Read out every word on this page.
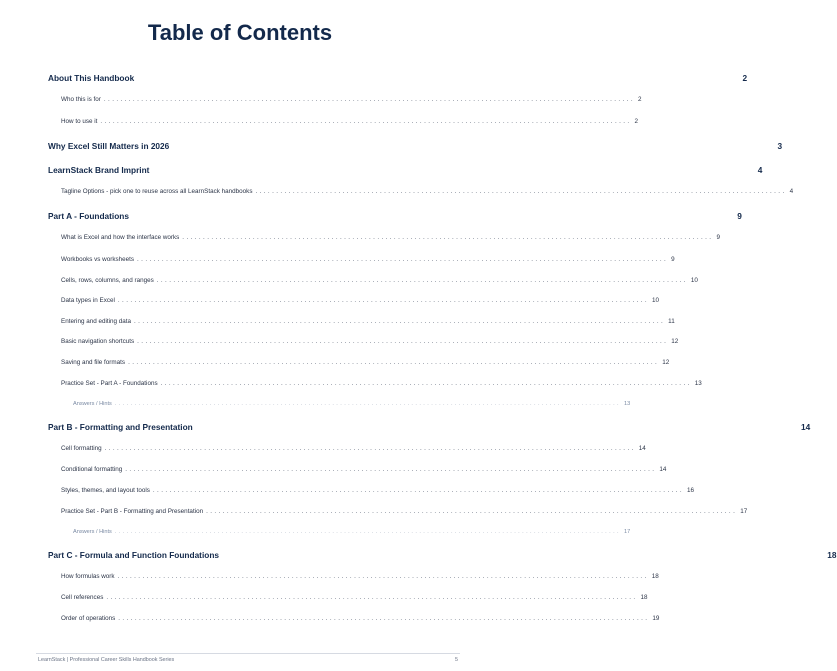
Table of Contents
About This Handbook	2
Who this is for ................................................................................................................................ 2
How to use it ................................................................................................................................ 2
Why Excel Still Matters in 2026	3
LearnStack Brand Imprint	4
Tagline Options - pick one to reuse across all LearnStack handbooks ................................................................................................................................ 4
Part A - Foundations	9
What is Excel and how the interface works ................................................................................................................................ 9
Workbooks vs worksheets ................................................................................................................................ 9
Cells, rows, columns, and ranges ................................................................................................................................ 10
Data types in Excel ................................................................................................................................ 10
Entering and editing data ................................................................................................................................ 11
Basic navigation shortcuts ................................................................................................................................ 12
Saving and file formats ................................................................................................................................ 12
Practice Set - Part A - Foundations ................................................................................................................................ 13
Answers / Hints ................................................................................................................................ 13
Part B - Formatting and Presentation	14
Cell formatting ................................................................................................................................ 14
Conditional formatting ................................................................................................................................ 14
Styles, themes, and layout tools ................................................................................................................................ 16
Practice Set - Part B - Formatting and Presentation ................................................................................................................................ 17
Answers / Hints ................................................................................................................................ 17
Part C - Formula and Function Foundations	18
How formulas work ................................................................................................................................ 18
Cell references ................................................................................................................................ 18
Order of operations ................................................................................................................................ 19
LearnStack | Professional Career Skills Handbook Series	5
